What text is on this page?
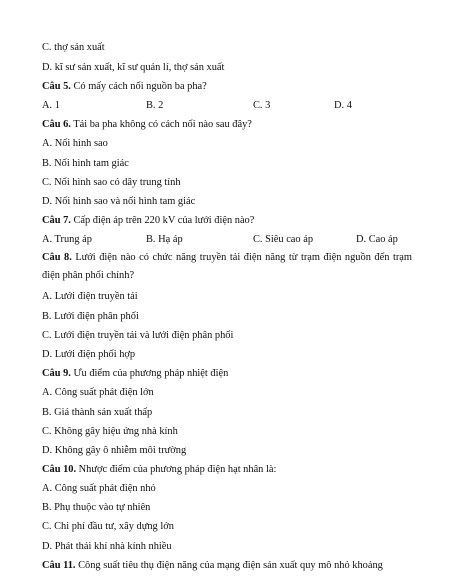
C. thợ sản xuất
D. kĩ sư sản xuất, kĩ sư quản lí, thợ sản xuất
Câu 5. Có mấy cách nối nguồn ba pha?
A. 1	B. 2	C. 3	D. 4
Câu 6. Tải ba pha không có cách nối nào sau đây?
A. Nối hình sao
B. Nối hình tam giác
C. Nối hình sao có dây trung tính
D. Nối hình sao và nối hình tam giác
Câu 7. Cấp điện áp trên 220 kV của lưới điện nào?
A. Trung áp	B. Hạ áp	C. Siêu cao áp	D. Cao áp
Câu 8. Lưới điện nào có chức năng truyền tải điện năng từ trạm điện nguồn đến trạm điện phân phối chính?
A. Lưới điện truyền tải
B. Lưới điện phân phối
C. Lưới điện truyền tải và lưới điện phân phối
D. Lưới điện phối hợp
Câu 9. Ưu điểm của phương pháp nhiệt điện
A. Công suất phát điện lớn
B. Giá thành sản xuất thấp
C. Không gây hiệu ứng nhà kính
D. Không gây ô nhiễm môi trường
Câu 10. Nhược điểm của phương pháp điện hạt nhân là:
A. Công suất phát điện nhỏ
B. Phụ thuộc vào tự nhiên
C. Chi phí đầu tư, xây dựng lớn
D. Phát thải khí nhà kính nhiều
Câu 11. Công suất tiêu thụ điện năng của mạng điện sản xuất quy mô nhỏ khoảng
